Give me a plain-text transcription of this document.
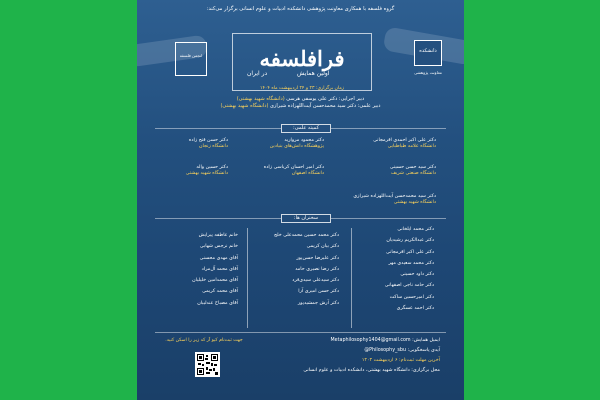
گروه فلسفه با همکاری معاونت پژوهشی دانشکده ادبیات و علوم انسانی برگزار می‌کند:
فرافلسفه
اولین همایش
در ایران
زمان برگزاری: ۲۳ و ۲۴ اردیبهشت ماه ۱۴۰۴
انجمن فلسفه
دانشکده
معاونت پژوهشی
دبیر اجرایی: دکتر علی یوسفی هرسی (دانشگاه شهید بهشتی)
دبیر علمی: دکتر سید محمدحسن آیت‌اللهزاده شیرازی (دانشگاه شهید بهشتی)
کمیته علمی:
دکتر علی اکبر احمدی افرمجانی
دانشگاه علامه طباطبایی
دکتر محمود مروارید
پژوهشگاه دانش‌های بنیادین
دکتر حسن فتح زاده
دانشگاه زنجان
دکتر سید حسن حسینی
دانشگاه صنعتی شریف
دکتر امیر احسان کرباسی زاده
دانشگاه اصفهان
دکتر حسین واله
دانشگاه شهید بهشتی
دکتر سید محمدحسن آیت‌اللهزاده شیرازی
دانشگاه شهید بهشتی
سخنران ها:
دکتر محمد ایلخانی
دکتر عبدالکریم رشیدیان
دکتر علی اکبر افرمجانی
دکتر محمد سعیدی مهر
دکتر داود حسینی
دکتر حامد ناجی اصفهانی
دکتر امیرحسین ساکت
دکتر احمد عسگری
دکتر محمد حسین محمدعلی خلج
دکتر بیان کریمی
دکتر علیرضا حسن‌پور
دکتر رضا نصیری حامد
دکتر سیدعلی سیدی‌فرد
دکتر حسن امیری آرا
دکتر آرش جمشیدپور
خانم عاطفه پیرایش
خانم نرجس شهابی
آقای مهدی محسنی
آقای محمد آل‌مراد
آقای محمدامین خلیلیان
آقای محمد کریمی
آقای مصباح عندلیبان
ایمیل همایش: Metaphilosophy1404@gmail.com
آیدی پاسخگویی: Philosophy_sbu@
آخرین مهلت ثبت‌نام: ۶ اردیبهشت ۱۴۰۴
محل برگزاری: دانشگاه شهید بهشتی، دانشکده ادبیات و علوم انسانی
جهت ثبت‌نام کیو آر کد زیر را اسکن کنید.
